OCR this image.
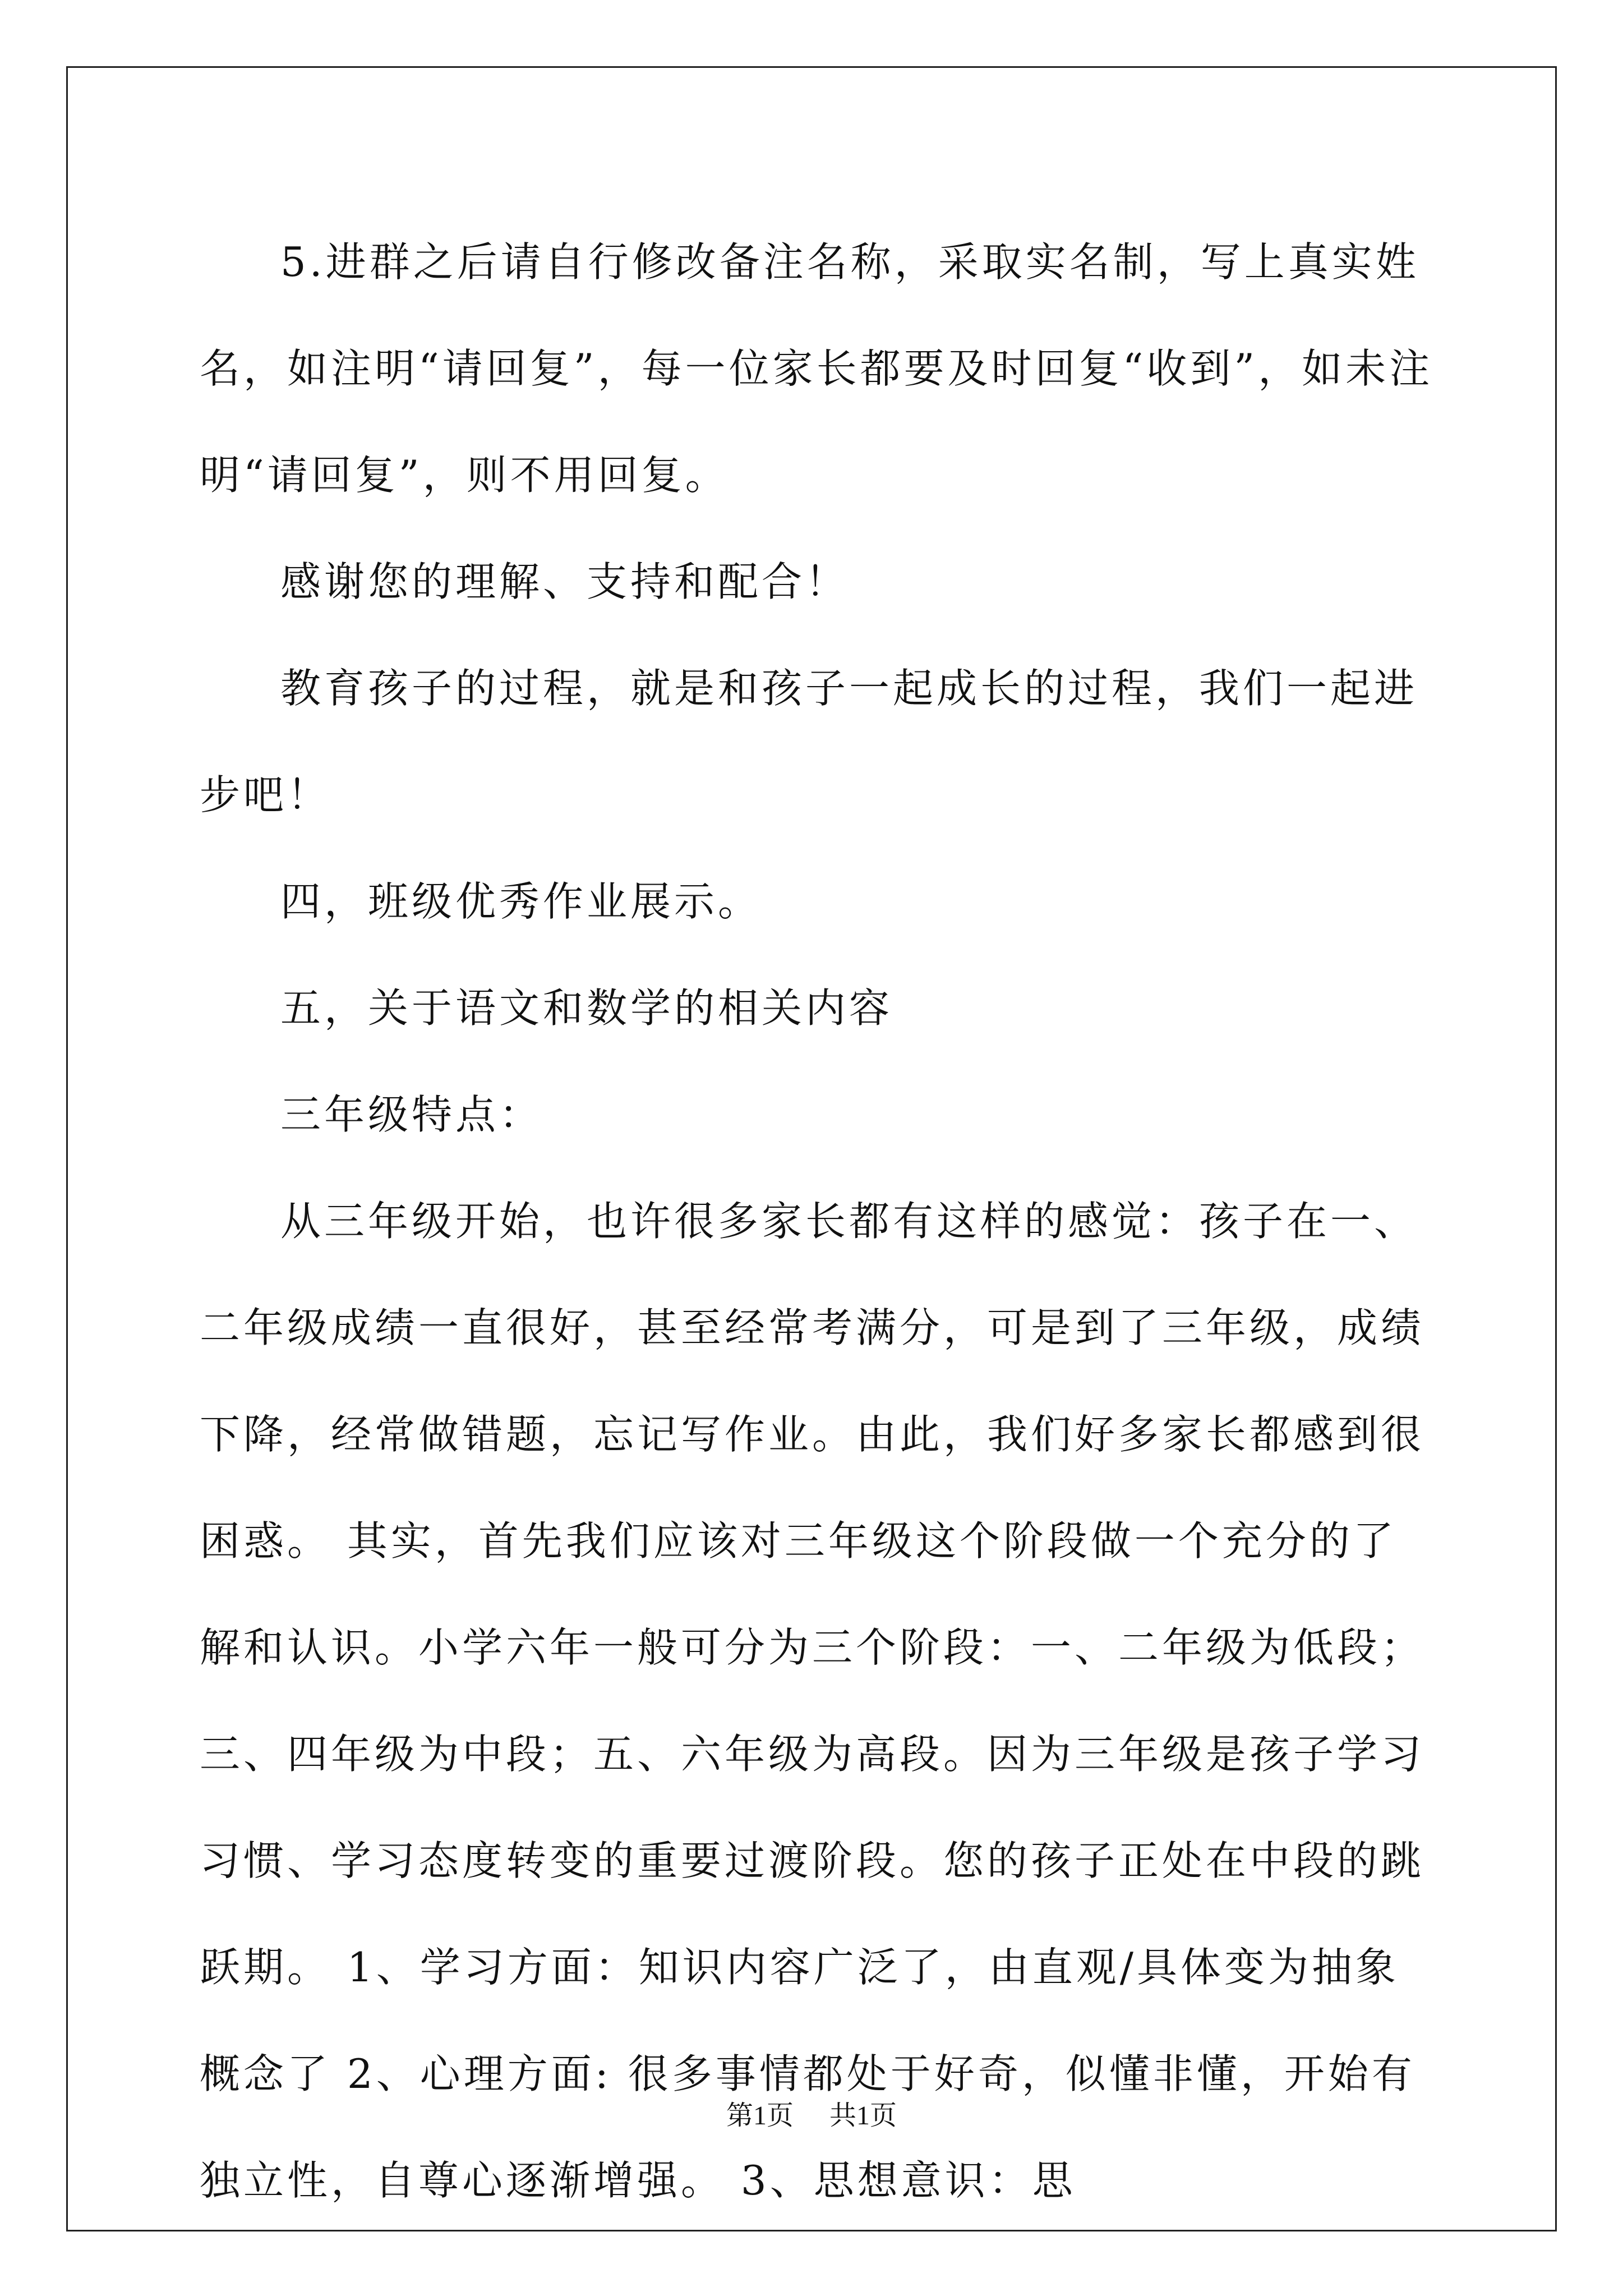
5.进群之后请自行修改备注名称，采取实名制，写上真实姓名，如注明“请回复”，每一位家长都要及时回复“收到”，如未注明“请回复”，则不用回复。

感谢您的理解、支持和配合！

教育孩子的过程，就是和孩子一起成长的过程，我们一起进步吧！

四，班级优秀作业展示。

五，关于语文和数学的相关内容

三年级特点：

从三年级开始，也许很多家长都有这样的感觉：孩子在一、二年级成绩一直很好，甚至经常考满分，可是到了三年级，成绩下降，经常做错题，忘记写作业。由此，我们好多家长都感到很困惑。 其实，首先我们应该对三年级这个阶段做一个充分的了解和认识。小学六年一般可分为三个阶段：一、二年级为低段；三、四年级为中段；五、六年级为高段。因为三年级是孩子学习习惯、学习态度转变的重要过渡阶段。您的孩子正处在中段的跳跃期。 1、学习方面：知识内容广泛了，由直观/具体变为抽象概念了 2、心理方面: 很多事情都处于好奇，似懂非懂，开始有独立性，自尊心逐渐增强。 3、思想意识：思

第1页 共1页
